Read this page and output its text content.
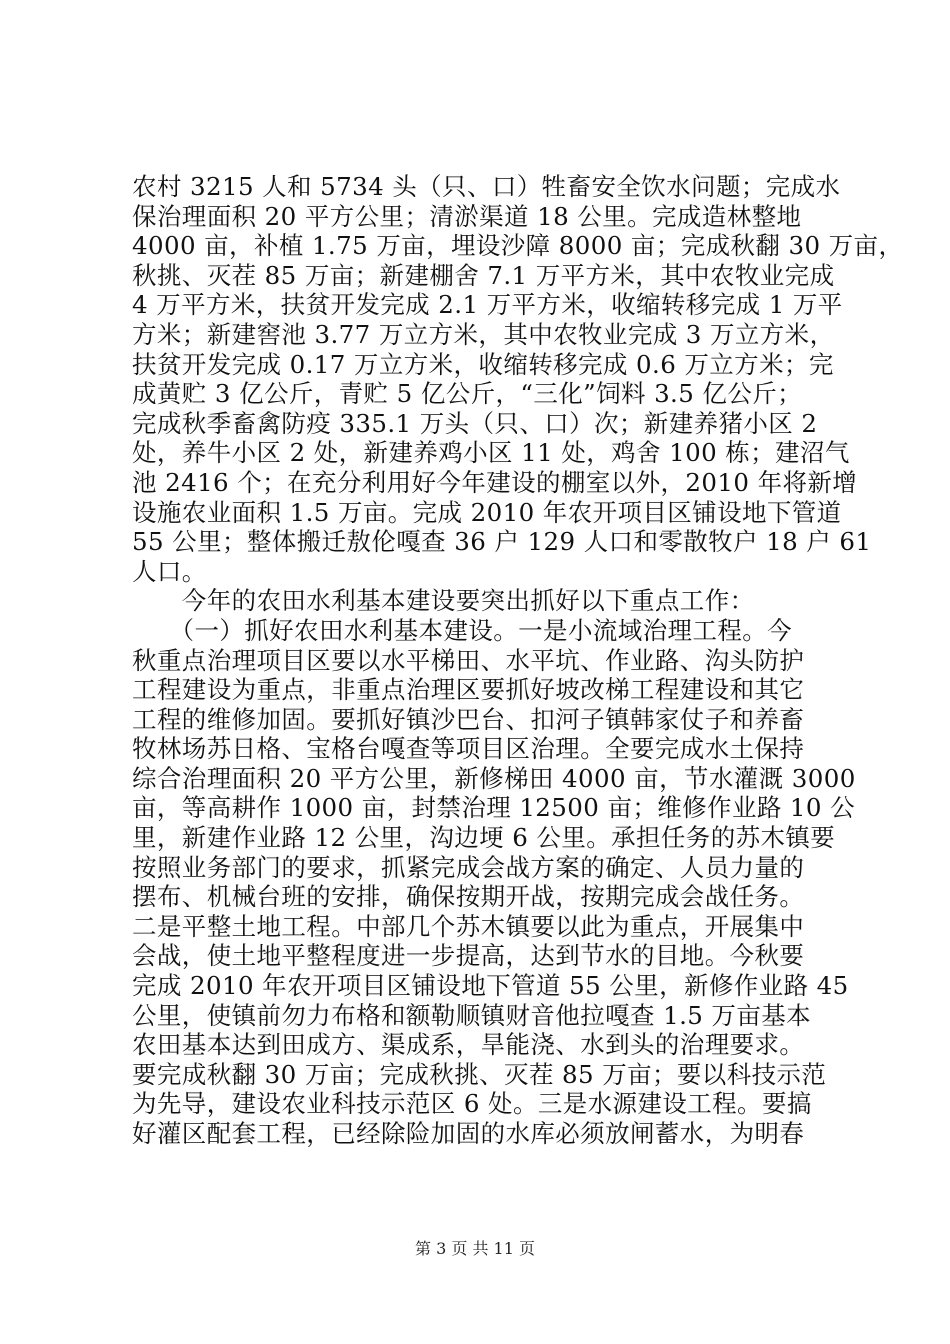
农村 3215 人和 5734 头（只、口）牲畜安全饮水问题；完成水
保治理面积 20 平方公里；清淤渠道 18 公里。完成造林整地
4000 亩，补植 1.75 万亩，埋设沙障 8000 亩；完成秋翻 30 万亩，
秋挑、灭茬 85 万亩；新建棚舍 7.1 万平方米，其中农牧业完成
4 万平方米，扶贫开发完成 2.1 万平方米，收缩转移完成 1 万平
方米；新建窖池 3.77 万立方米，其中农牧业完成 3 万立方米，
扶贫开发完成 0.17 万立方米，收缩转移完成 0.6 万立方米；完
成黄贮 3 亿公斤，青贮 5 亿公斤，“三化”饲料 3.5 亿公斤；
完成秋季畜禽防疫 335.1 万头（只、口）次；新建养猪小区 2
处，养牛小区 2 处，新建养鸡小区 11 处，鸡舍 100 栋；建沼气
池 2416 个；在充分利用好今年建设的棚室以外，2010 年将新增
设施农业面积 1.5 万亩。完成 2010 年农开项目区铺设地下管道
55 公里；整体搬迁敖伦嘎查 36 户 129 人口和零散牧户 18 户 61
人口。
　　今年的农田水利基本建设要突出抓好以下重点工作：
　　（一）抓好农田水利基本建设。一是小流域治理工程。今
秋重点治理项目区要以水平梯田、水平坑、作业路、沟头防护
工程建设为重点，非重点治理区要抓好坡改梯工程建设和其它
工程的维修加固。要抓好镇沙巴台、扣河子镇韩家仗子和养畜
牧林场苏日格、宝格台嘎查等项目区治理。全要完成水土保持
综合治理面积 20 平方公里，新修梯田 4000 亩，节水灌溉 3000
亩，等高耕作 1000 亩，封禁治理 12500 亩；维修作业路 10 公
里，新建作业路 12 公里，沟边埂 6 公里。承担任务的苏木镇要
按照业务部门的要求，抓紧完成会战方案的确定、人员力量的
摆布、机械台班的安排，确保按期开战，按期完成会战任务。
二是平整土地工程。中部几个苏木镇要以此为重点，开展集中
会战，使土地平整程度进一步提高，达到节水的目地。今秋要
完成 2010 年农开项目区铺设地下管道 55 公里，新修作业路 45
公里，使镇前勿力布格和额勒顺镇财音他拉嘎查 1.5 万亩基本
农田基本达到田成方、渠成系，旱能浇、水到头的治理要求。
要完成秋翻 30 万亩；完成秋挑、灭茬 85 万亩；要以科技示范
为先导，建设农业科技示范区 6 处。三是水源建设工程。要搞
好灌区配套工程，已经除险加固的水库必须放闸蓄水，为明春
第 3 页 共 11 页
